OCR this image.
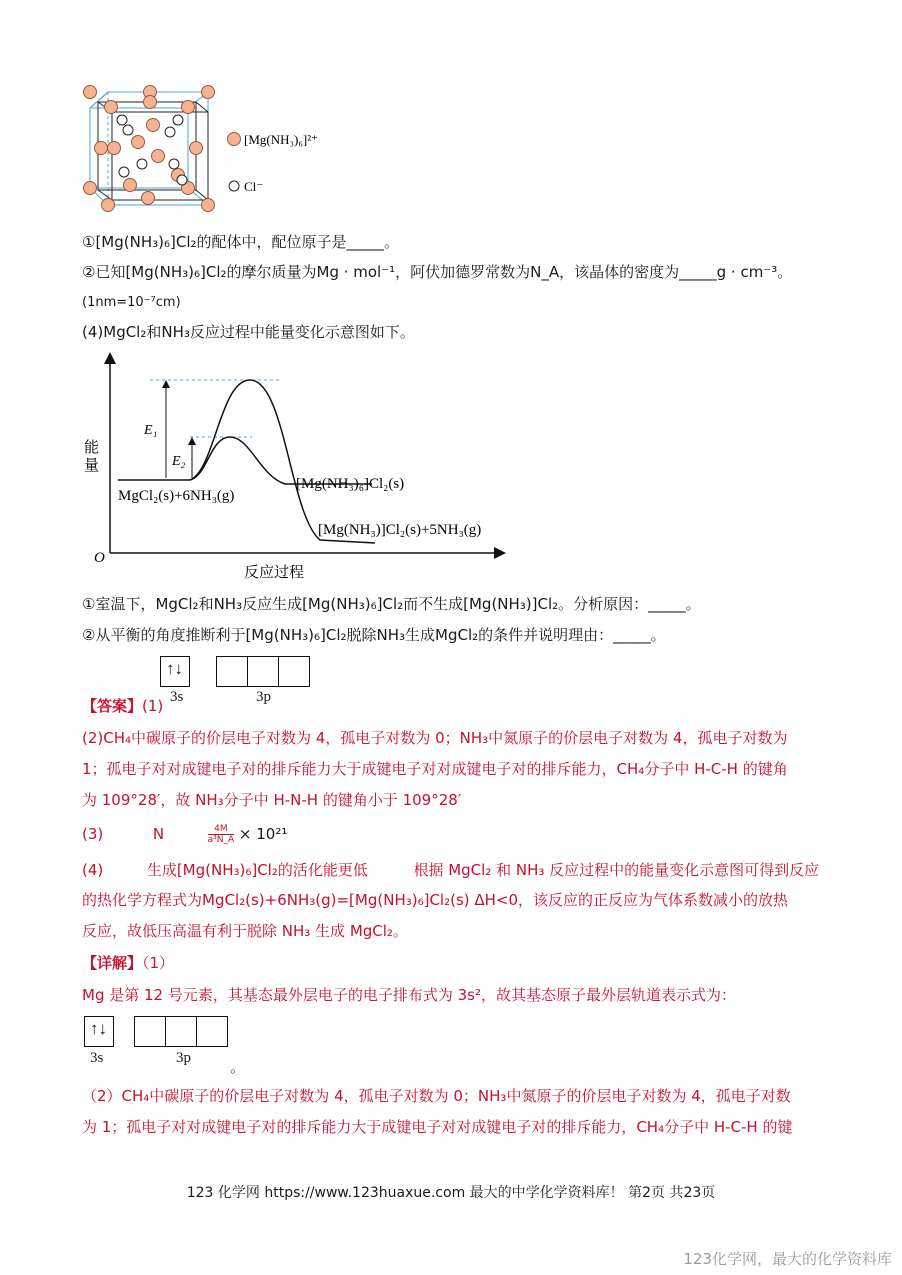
[Mg(NH₃)₆]²⁺
Cl⁻
①[Mg(NH₃)₆]Cl₂的配体中，配位原子是_____。
②已知[Mg(NH₃)₆]Cl₂的摩尔质量为Mg · mol⁻¹，阿伏加德罗常数为N_A，该晶体的密度为_____g · cm⁻³。
(1nm=10⁻⁷cm)
(4)MgCl₂和NH₃反应过程中能量变化示意图如下。
E₁
E₂
能
量
O
反应过程
MgCl₂(s)+6NH₃(g)
[Mg(NH₃)₆]Cl₂(s)
[Mg(NH₃)]Cl₂(s)+5NH₃(g)
①室温下，MgCl₂和NH₃反应生成[Mg(NH₃)₆]Cl₂而不生成[Mg(NH₃)]Cl₂。分析原因：_____。
②从平衡的角度推断利于[Mg(NH₃)₆]Cl₂脱除NH₃生成MgCl₂的条件并说明理由：_____。
↑↓
3s	3p
【答案】(1)
(2)CH₄中碳原子的价层电子对数为 4，孤电子对数为 0；NH₃中氮原子的价层电子对数为 4，孤电子对数为
1；孤电子对对成键电子对的排斥能力大于成键电子对对成键电子对的排斥能力，CH₄分子中 H-C-H 的键角
为 109°28′，故 NH₃分子中 H-N-H 的键角小于 109°28′
(3)	N	$\frac{4M}{\text{a³N\_A}} \times 10^{21}$
(4)	生成[Mg(NH₃)₆]Cl₂的活化能更低	根据 MgCl₂ 和 NH₃ 反应过程中的能量变化示意图可得到反应
的热化学方程式为MgCl₂(s)+6NH₃(g)=[Mg(NH₃)₆]Cl₂(s) ΔH<0，该反应的正反应为气体系数减小的放热
反应，故低压高温有利于脱除 NH₃ 生成 MgCl₂。
【详解】（1）
Mg 是第 12 号元素，其基态最外层电子的电子排布式为 3s²，故其基态原子最外层轨道表示式为：
↑↓
3s	3p
。
（2）CH₄中碳原子的价层电子对数为 4，孤电子对数为 0；NH₃中氮原子的价层电子对数为 4，孤电子对数
为 1；孤电子对对成键电子对的排斥能力大于成键电子对对成键电子对的排斥能力，CH₄分子中 H-C-H 的键
123 化学网 https://www.123huaxue.com 最大的中学化学资料库！ 第2页 共23页
123化学网，最大的化学资料库
